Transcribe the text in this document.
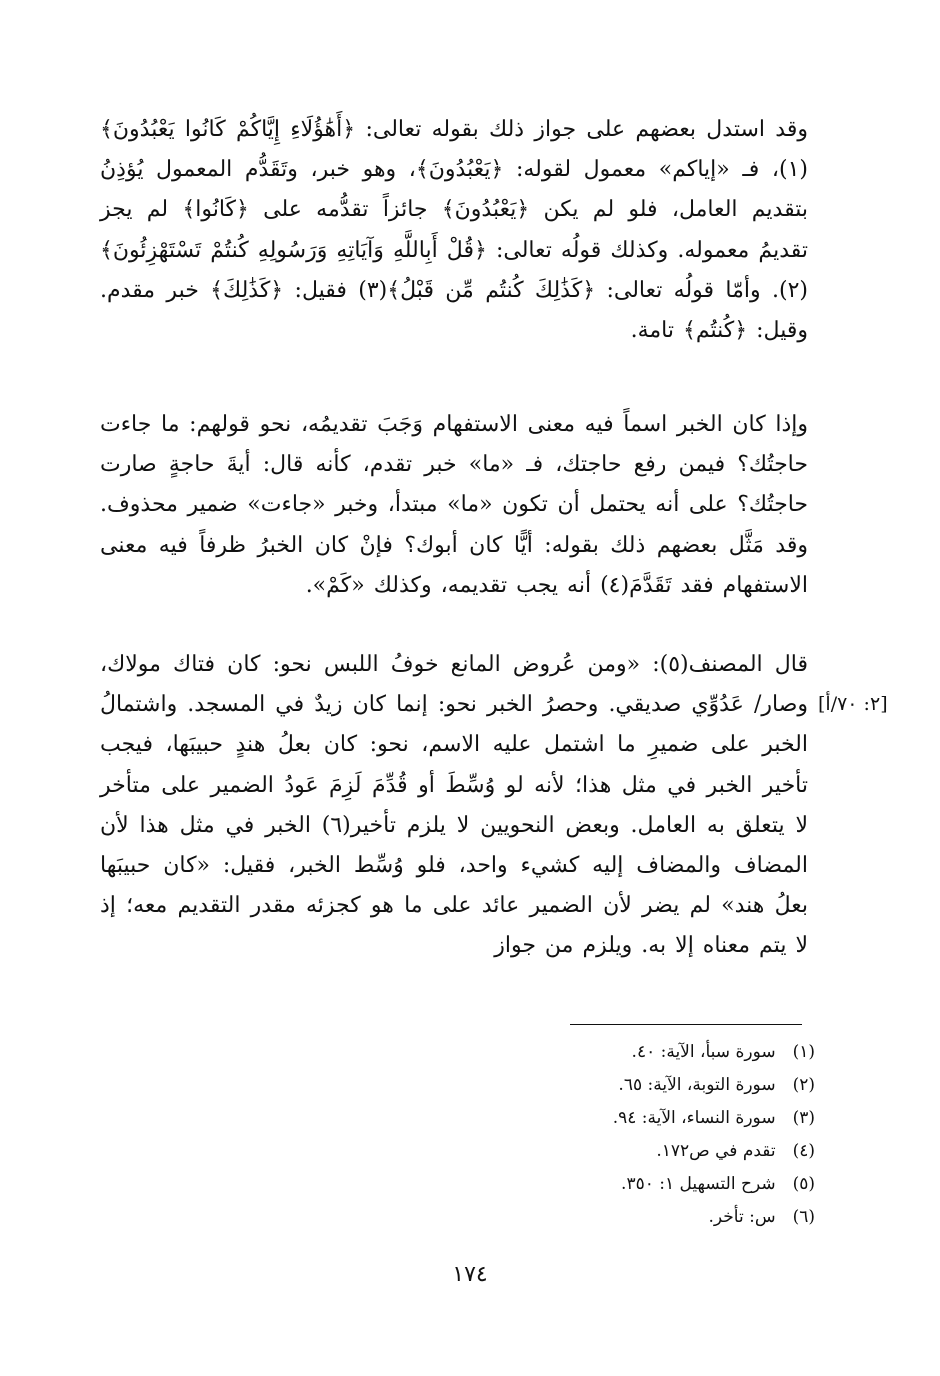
وقد استدل بعضهم على جواز ذلك بقوله تعالى: ﴿أَهَٰؤُلَاءِ إِيَّاكُمْ كَانُوا يَعْبُدُونَ﴾(١)، فـ «إياكم» معمول لقوله: ﴿يَعْبُدُونَ﴾، وهو خبر، وتَقَدُّم المعمول يُؤذِنُ بتقديم العامل، فلو لم يكن ﴿يَعْبُدُونَ﴾ جائزاً تقدُّمه على ﴿كَانُوا﴾ لم يجز تقديمُ معموله. وكذلك قولُه تعالى: ﴿قُلْ أَبِاللَّهِ وَآيَاتِهِ وَرَسُولِهِ كُنتُمْ تَسْتَهْزِئُونَ﴾(٢). وأمّا قولُه تعالى: ﴿كَذَٰلِكَ كُنتُم مِّن قَبْلُ﴾(٣) فقيل: ﴿كَذَٰلِكَ﴾ خبر مقدم. وقيل: ﴿كُنتُم﴾ تامة.
وإذا كان الخبر اسماً فيه معنى الاستفهام وَجَبَ تقديمُه، نحو قولهم: ما جاءت حاجتُك؟ فيمن رفع حاجتك، فـ «ما» خبر تقدم، كأنه قال: أيةَ حاجةٍ صارت حاجتُك؟ على أنه يحتمل أن تكون «ما» مبتدأ، وخبر «جاءت» ضمير محذوف. وقد مَثَّل بعضهم ذلك بقوله: أيًّا كان أبوك؟ فإنْ كان الخبرُ ظرفاً فيه معنى الاستفهام فقد تَقَدَّمَ(٤) أنه يجب تقديمه، وكذلك «كَمْ».
قال المصنف(٥): «ومن عُروض المانع خوفُ اللبس نحو: كان فتاك مولاك، وصار/ عَدُوِّي صديقي. وحصرُ الخبر نحو: إنما كان زيدٌ في المسجد. واشتمالُ الخبر على ضميرِ ما اشتمل عليه الاسم، نحو: كان بعلُ هندٍ حبيبَها، فيجب تأخير الخبر في مثل هذا؛ لأنه لو وُسِّطَ أو قُدِّمَ لَزِمَ عَودُ الضمير على متأخر لا يتعلق به العامل. وبعض النحويين لا يلزم تأخير(٦) الخبر في مثل هذا لأن المضاف والمضاف إليه كشيء واحد، فلو وُسِّط الخبر، فقيل: «كان حبيبَها بعلُ هند» لم يضر لأن الضمير عائد على ما هو كجزئه مقدر التقديم معه؛ إذ لا يتم معناه إلا به. ويلزم من جواز
[٢: ٧٠/أ]
(١) سورة سبأ، الآية: ٤٠.
(٢) سورة التوبة، الآية: ٦٥.
(٣) سورة النساء، الآية: ٩٤.
(٤) تقدم في ص١٧٢.
(٥) شرح التسهيل ١: ٣٥٠.
(٦) س: تأخر.
١٧٤
